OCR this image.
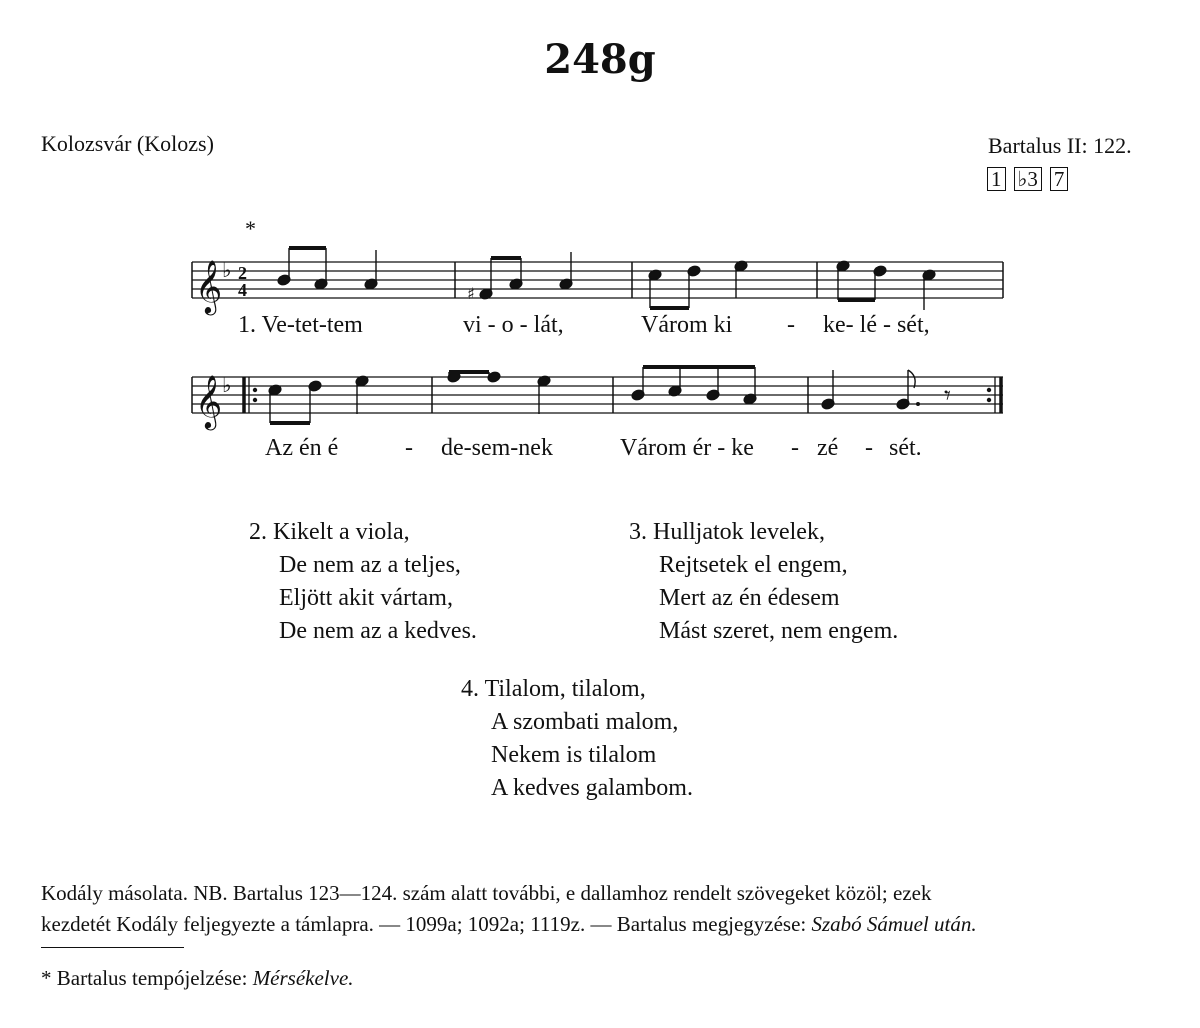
248g
Kolozsvár (Kolozs)	Bartalus II: 122.
1 ♭3 7
𝄞
𝄞
♭
♭
2
4
*
♯
𝄾
1. Ve-tet-tem	vi - o - lát,	Várom ki - ke- lé - sét,
Az én é	- de-sem-nek	Várom ér - ke - zé - sét.
2. Kikelt a viola,
De nem az a teljes,
Eljött akit vártam,
De nem az a kedves.
3. Hulljatok levelek,
Rejtsetek el engem,
Mert az én édesem
Mást szeret, nem engem.
4. Tilalom, tilalom,
A szombati malom,
Nekem is tilalom
A kedves galambom.
Kodály másolata. NB. Bartalus 123—124. szám alatt további, e dallamhoz rendelt szövegeket közöl; ezek
kezdetét Kodály feljegyezte a támlapra. — 1099a; 1092a; 1119z. — Bartalus megjegyzése: Szabó Sámuel után.
* Bartalus tempójelzése: Mérsékelve.
